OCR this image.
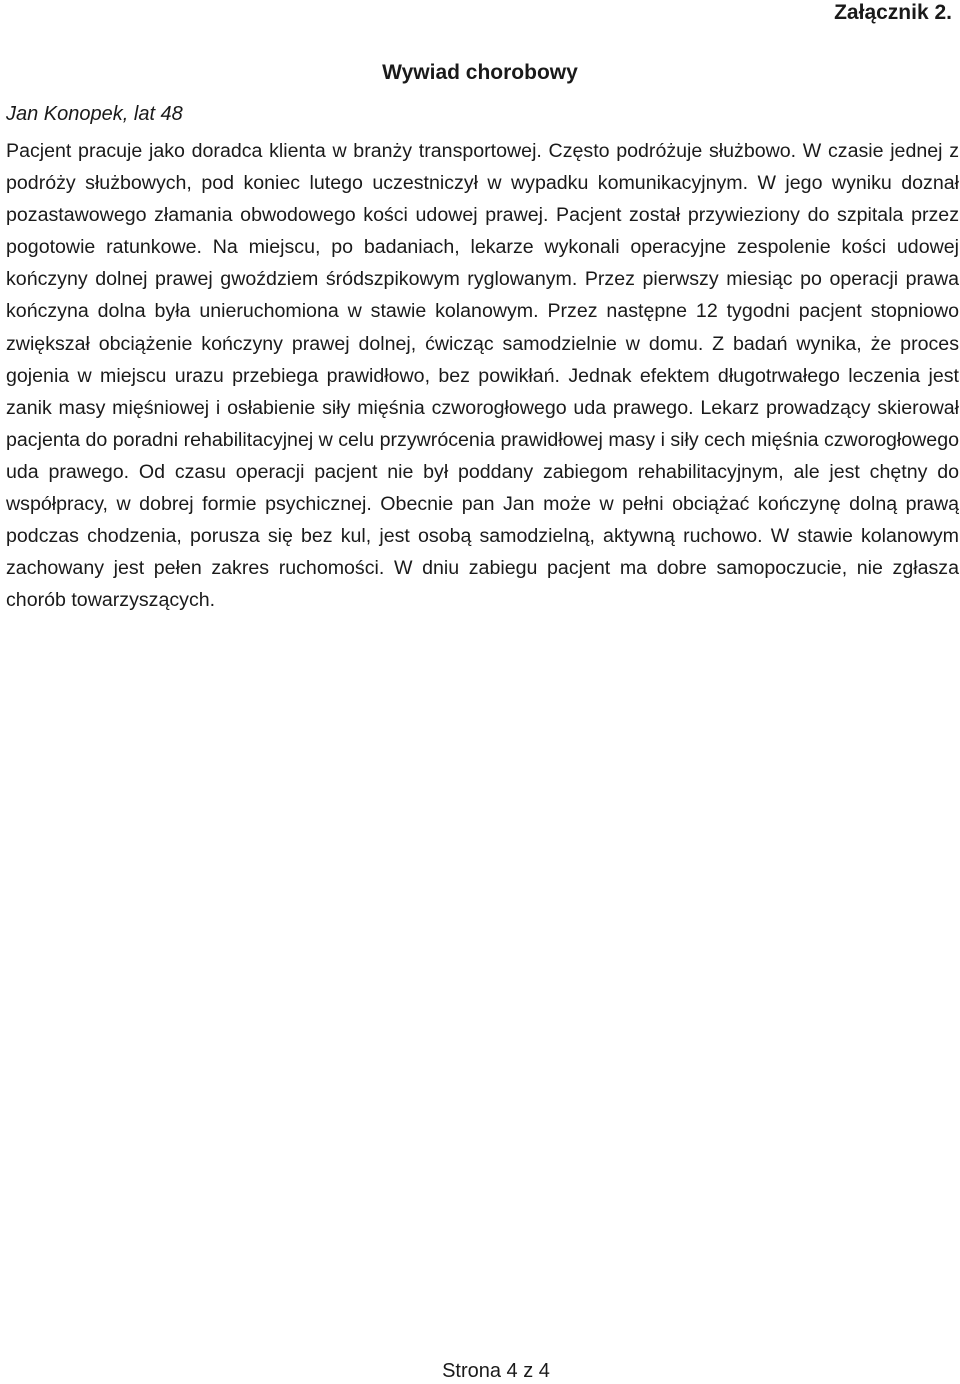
Załącznik 2.
Wywiad chorobowy
Jan Konopek, lat 48

Pacjent pracuje jako doradca klienta w branży transportowej. Często podróżuje służbowo. W czasie jednej z podróży służbowych, pod koniec lutego uczestniczył w wypadku komunikacyjnym. W jego wyniku doznał pozastawowego złamania obwodowego kości udowej prawej. Pacjent został przywieziony do szpitala przez pogotowie ratunkowe. Na miejscu, po badaniach, lekarze wykonali operacyjne zespolenie kości udowej kończyny dolnej prawej gwoździem śródszpikowym ryglowanym. Przez pierwszy miesiąc po operacji prawa kończyna dolna była unieruchomiona w stawie kolanowym. Przez następne 12 tygodni pacjent stopniowo zwiększał obciążenie kończyny prawej dolnej, ćwicząc samodzielnie w domu. Z badań wynika, że proces gojenia w miejscu urazu przebiega prawidłowo, bez powikłań. Jednak efektem długotrwałego leczenia jest zanik masy mięśniowej i osłabienie siły mięśnia czworogłowego uda prawego. Lekarz prowadzący skierował pacjenta do poradni rehabilitacyjnej w celu przywrócenia prawidłowej masy i siły cech mięśnia czworogłowego uda prawego. Od czasu operacji pacjent nie był poddany zabiegom rehabilitacyjnym, ale jest chętny do współpracy, w dobrej formie psychicznej. Obecnie pan Jan może w pełni obciążać kończynę dolną prawą podczas chodzenia, porusza się bez kul, jest osobą samodzielną, aktywną ruchowo. W stawie kolanowym zachowany jest pełen zakres ruchomości. W dniu zabiegu pacjent ma dobre samopoczucie, nie zgłasza chorób towarzyszących.

Strona 4 z 4
